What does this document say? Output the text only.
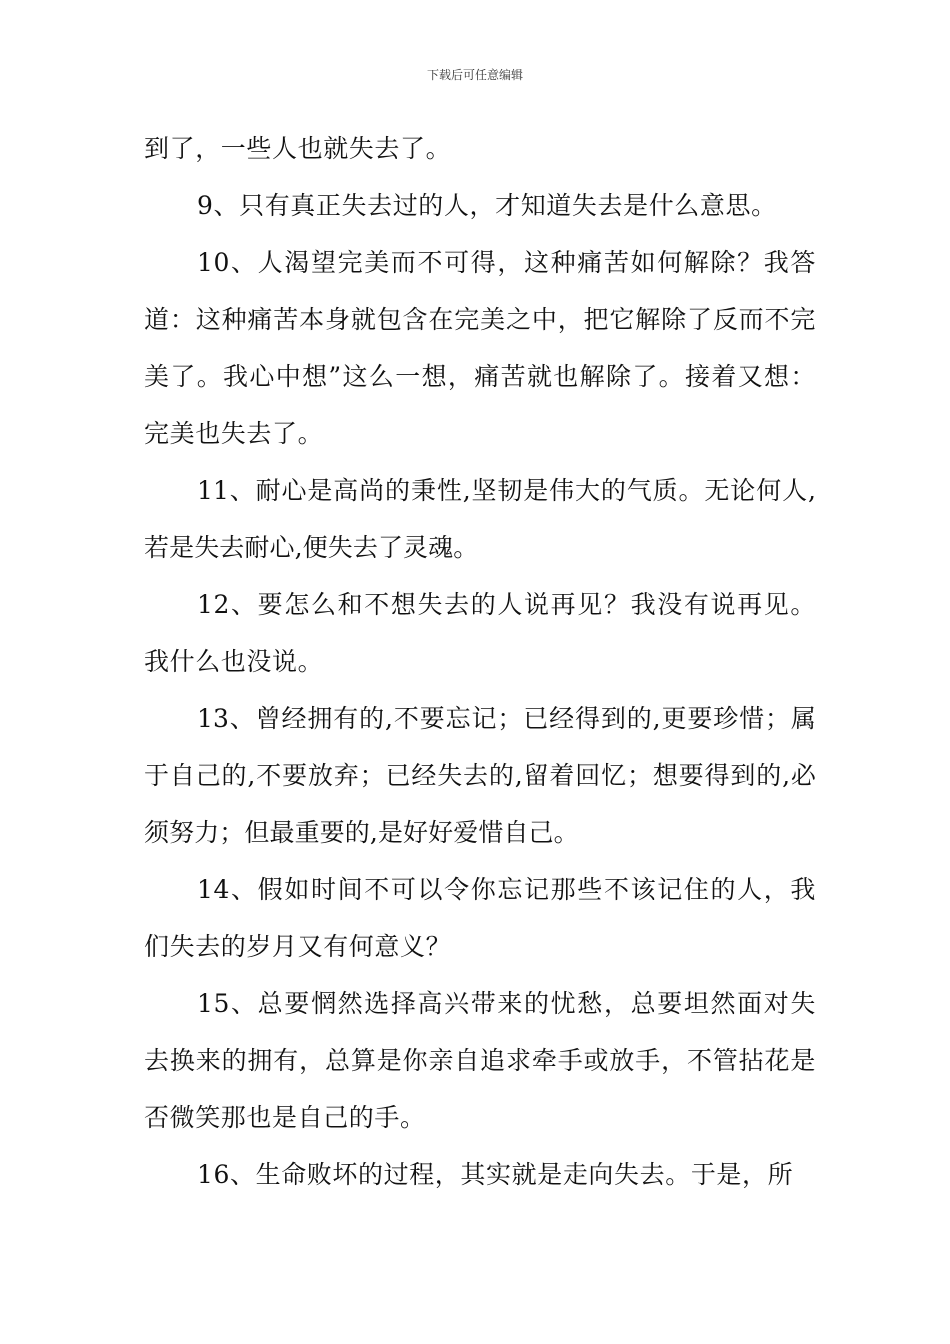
下载后可任意编辑

到了，一些人也就失去了。

9、只有真正失去过的人，才知道失去是什么意思。

10、人渴望完美而不可得，这种痛苦如何解除？我答道：这种痛苦本身就包含在完美之中，把它解除了反而不完美了。我心中想”这么一想，痛苦就也解除了。接着又想：完美也失去了。

11、耐心是高尚的秉性,坚韧是伟大的气质。无论何人,若是失去耐心,便失去了灵魂。

12、要怎么和不想失去的人说再见？我没有说再见。我什么也没说。

13、曾经拥有的,不要忘记；已经得到的,更要珍惜；属于自己的,不要放弃；已经失去的,留着回忆；想要得到的,必须努力；但最重要的,是好好爱惜自己。

14、假如时间不可以令你忘记那些不该记住的人，我们失去的岁月又有何意义？

15、总要惘然选择高兴带来的忧愁，总要坦然面对失去换来的拥有，总算是你亲自追求牵手或放手，不管拈花是否微笑那也是自己的手。

16、生命败坏的过程，其实就是走向失去。于是，所
